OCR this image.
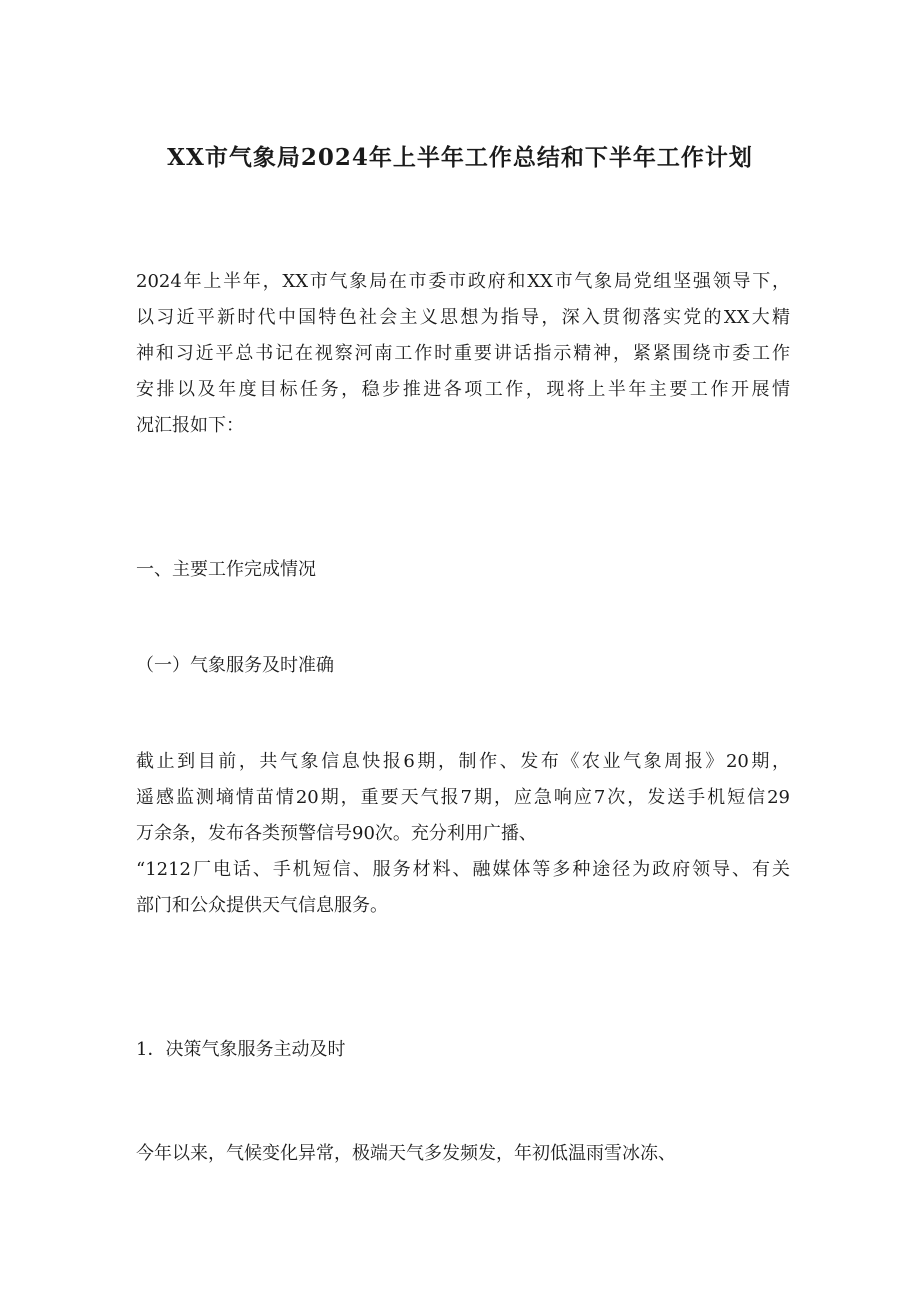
XX市气象局2024年上半年工作总结和下半年工作计划

2024年上半年，XX市气象局在市委市政府和XX市气象局党组坚强领导下，

以习近平新时代中国特色社会主义思想为指导，深入贯彻落实党的XX大精

神和习近平总书记在视察河南工作时重要讲话指示精神，紧紧围绕市委工作

安排以及年度目标任务，稳步推进各项工作，现将上半年主要工作开展情

况汇报如下：

一、主要工作完成情况

（一）气象服务及时准确

截止到目前，共气象信息快报6期，制作、发布《农业气象周报》20期，

遥感监测墒情苗情20期，重要天气报7期，应急响应7次，发送手机短信29

万余条，发布各类预警信号90次。充分利用广播、

“1212厂电话、手机短信、服务材料、融媒体等多种途径为政府领导、有关

部门和公众提供天气信息服务。

1．决策气象服务主动及时

今年以来，气候变化异常，极端天气多发频发，年初低温雨雪冰冻、
